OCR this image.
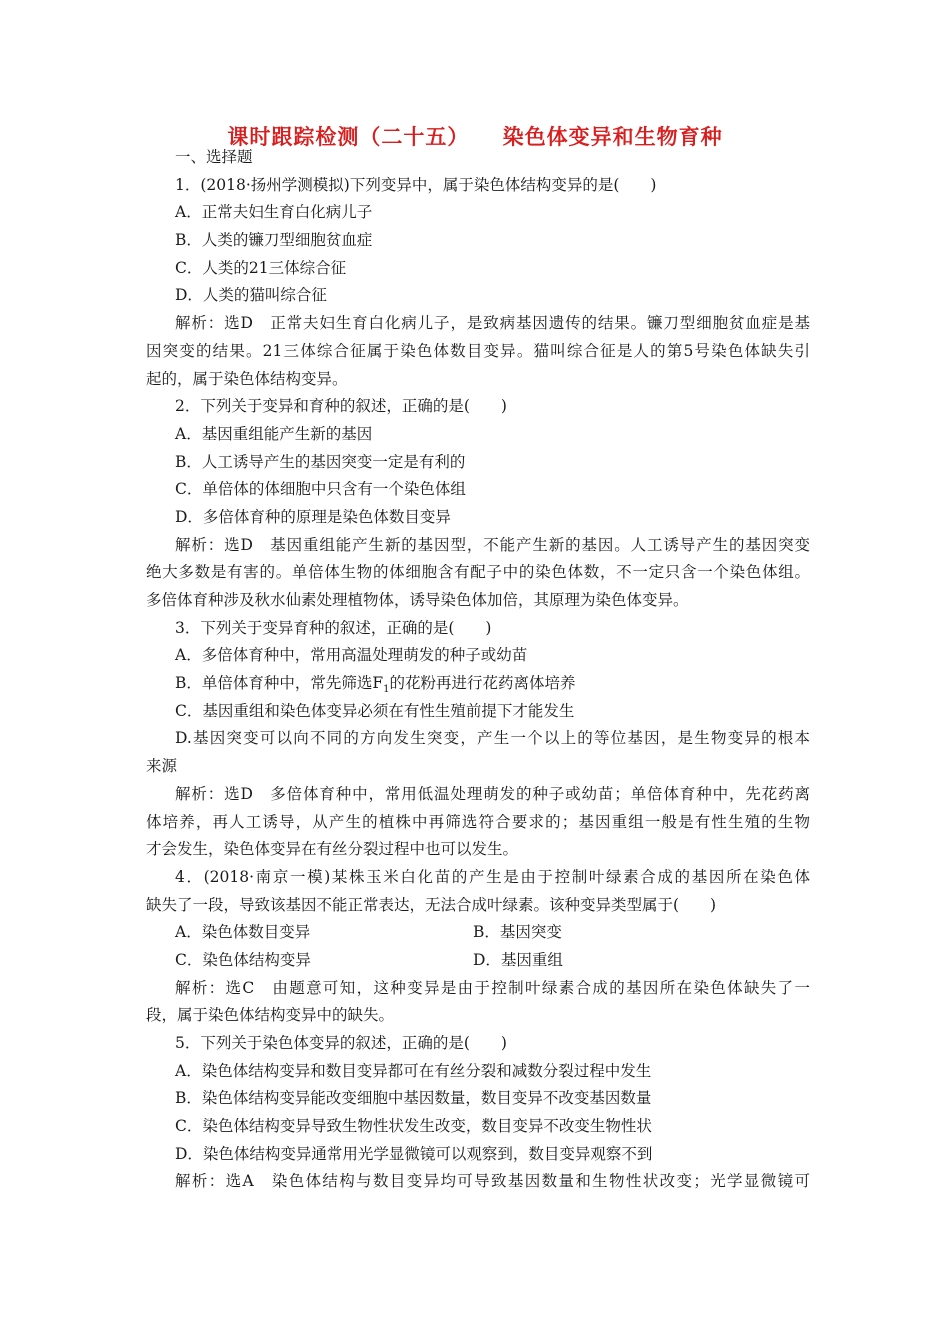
课时跟踪检测（二十五）    染色体变异和生物育种
一、选择题
1．(2018·扬州学测模拟)下列变异中，属于染色体结构变异的是(　　)
A．正常夫妇生育白化病儿子
B．人类的镰刀型细胞贫血症
C．人类的21三体综合征
D．人类的猫叫综合征
解析：选D　正常夫妇生育白化病儿子，是致病基因遗传的结果。镰刀型细胞贫血症是基
因突变的结果。21三体综合征属于染色体数目变异。猫叫综合征是人的第5号染色体缺失引
起的，属于染色体结构变异。
2．下列关于变异和育种的叙述，正确的是(　　)
A．基因重组能产生新的基因
B．人工诱导产生的基因突变一定是有利的
C．单倍体的体细胞中只含有一个染色体组
D．多倍体育种的原理是染色体数目变异
解析：选D　基因重组能产生新的基因型，不能产生新的基因。人工诱导产生的基因突变
绝大多数是有害的。单倍体生物的体细胞含有配子中的染色体数，不一定只含一个染色体组。
多倍体育种涉及秋水仙素处理植物体，诱导染色体加倍，其原理为染色体变异。
3．下列关于变异育种的叙述，正确的是(　　)
A．多倍体育种中，常用高温处理萌发的种子或幼苗
B．单倍体育种中，常先筛选$F_1$的花粉再进行花药离体培养
C．基因重组和染色体变异必须在有性生殖前提下才能发生
D.基因突变可以向不同的方向发生突变，产生一个以上的等位基因，是生物变异的根本
来源
解析：选D　多倍体育种中，常用低温处理萌发的种子或幼苗；单倍体育种中，先花药离
体培养，再人工诱导，从产生的植株中再筛选符合要求的；基因重组一般是有性生殖的生物
才会发生，染色体变异在有丝分裂过程中也可以发生。
4．(2018·南京一模)某株玉米白化苗的产生是由于控制叶绿素合成的基因所在染色体
缺失了一段，导致该基因不能正常表达，无法合成叶绿素。该种变异类型属于(　　)
A．染色体数目变异	B．基因突变
C．染色体结构变异	D．基因重组
解析：选C　由题意可知，这种变异是由于控制叶绿素合成的基因所在染色体缺失了一
段，属于染色体结构变异中的缺失。
5．下列关于染色体变异的叙述，正确的是(　　)
A．染色体结构变异和数目变异都可在有丝分裂和减数分裂过程中发生
B．染色体结构变异能改变细胞中基因数量，数目变异不改变基因数量
C．染色体结构变异导致生物性状发生改变，数目变异不改变生物性状
D．染色体结构变异通常用光学显微镜可以观察到，数目变异观察不到
解析：选A　染色体结构与数目变异均可导致基因数量和生物性状改变；光学显微镜可
